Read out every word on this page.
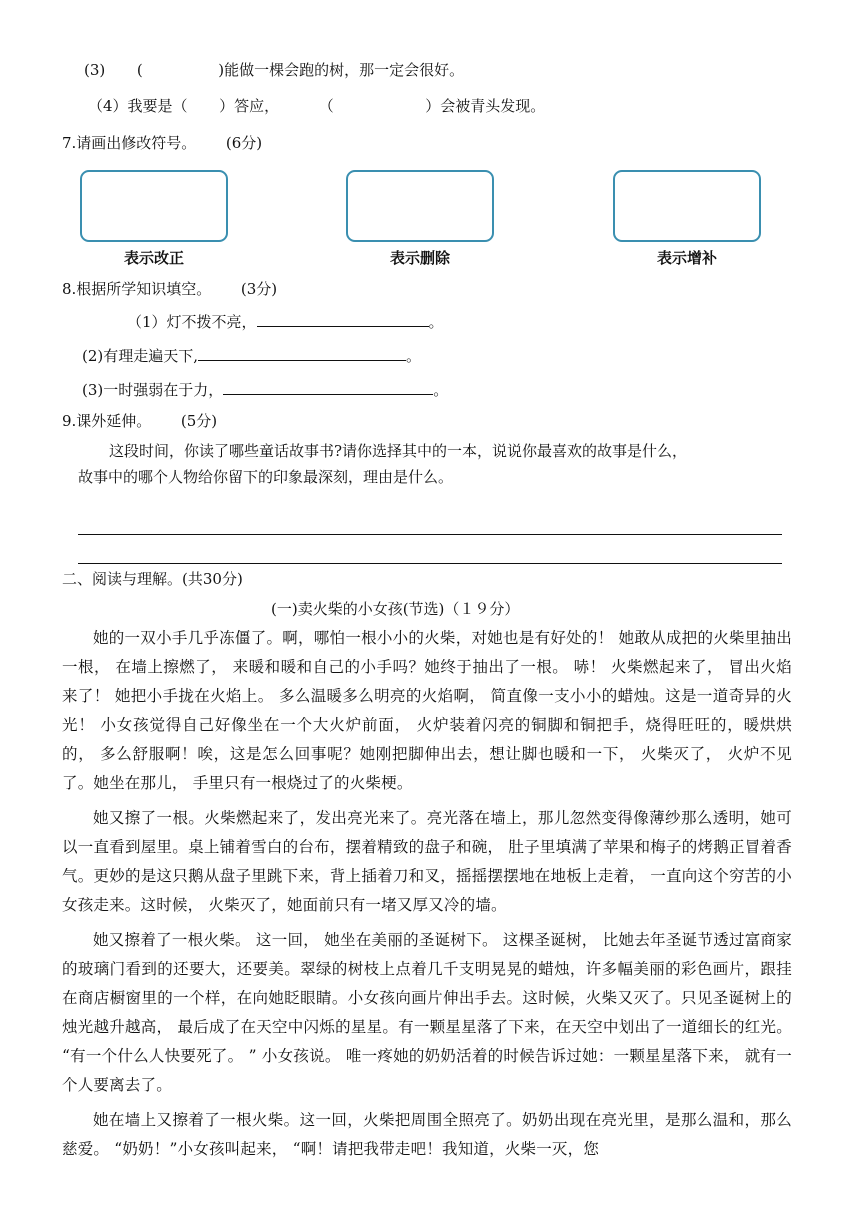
(3) (	)能做一棵会跑的树，那一定会很好。
（4）我要是（ ）答应，	（	）会被青头发现。
7.请画出修改符号。 (6分)
表示改正	表示删除	表示增补
8.根据所学知识填空。 (3分)
（1）灯不拨不亮，	。
(2)有理走遍天下,	。
(3)一时强弱在于力，	。
9.课外延伸。 (5分)
这段时间，你读了哪些童话故事书?请你选择其中的一本，说说你最喜欢的故事是什么，
故事中的哪个人物给你留下的印象最深刻，理由是什么。
二、阅读与理解。(共30分)
(一)卖火柴的小女孩(节选)（１９分）

她的一双小手几乎冻僵了。啊，哪怕一根小小的火柴，对她也是有好处的！ 她敢从成把的火柴里抽出一根， 在墙上擦燃了， 来暖和暖和自己的小手吗？她终于抽出了一根。 哧！ 火柴燃起来了， 冒出火焰来了！ 她把小手拢在火焰上。 多么温暖多么明亮的火焰啊， 简直像一支小小的蜡烛。这是一道奇异的火光！ 小女孩觉得自己好像坐在一个大火炉前面， 火炉装着闪亮的铜脚和铜把手，烧得旺旺的，暖烘烘的， 多么舒服啊！唉，这是怎么回事呢？她刚把脚伸出去，想让脚也暖和一下， 火柴灭了， 火炉不见了。她坐在那儿， 手里只有一根烧过了的火柴梗。

她又擦了一根。火柴燃起来了，发出亮光来了。亮光落在墙上，那儿忽然变得像薄纱那么透明，她可以一直看到屋里。桌上铺着雪白的台布，摆着精致的盘子和碗， 肚子里填满了苹果和梅子的烤鹅正冒着香气。更妙的是这只鹅从盘子里跳下来，背上插着刀和叉，摇摇摆摆地在地板上走着， 一直向这个穷苦的小女孩走来。这时候， 火柴灭了，她面前只有一堵又厚又冷的墙。

她又擦着了一根火柴。 这一回， 她坐在美丽的圣诞树下。 这棵圣诞树， 比她去年圣诞节透过富商家的玻璃门看到的还要大，还要美。翠绿的树枝上点着几千支明晃晃的蜡烛，许多幅美丽的彩色画片，跟挂在商店橱窗里的一个样，在向她眨眼睛。小女孩向画片伸出手去。这时候，火柴又灭了。只见圣诞树上的烛光越升越高， 最后成了在天空中闪烁的星星。有一颗星星落了下来，在天空中划出了一道细长的红光。 “有一个什么人快要死了。 ” 小女孩说。 唯一疼她的奶奶活着的时候告诉过她：一颗星星落下来， 就有一个人要离去了。

她在墙上又擦着了一根火柴。这一回，火柴把周围全照亮了。奶奶出现在亮光里，是那么温和，那么慈爱。 “奶奶！”小女孩叫起来， “啊！请把我带走吧！我知道，火柴一灭，您
